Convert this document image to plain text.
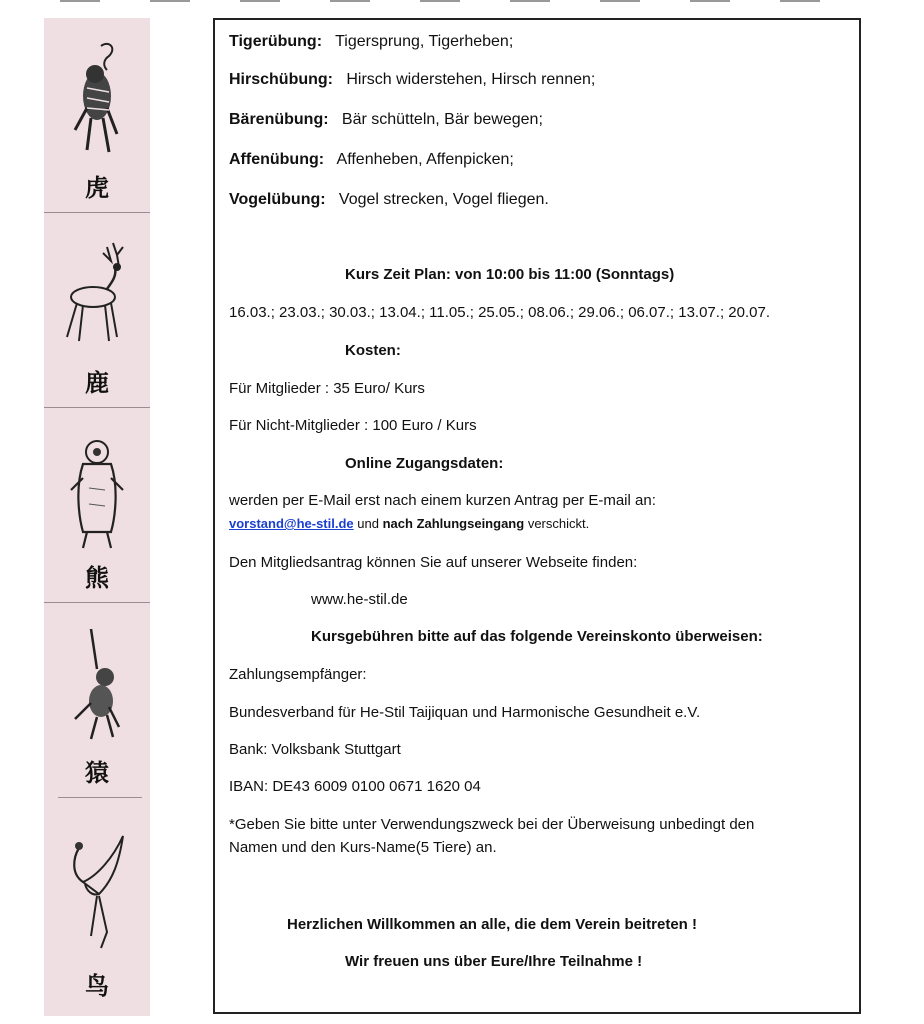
虎
鹿
熊
猿
鸟
Tigerübung: Tigersprung, Tigerheben;
Hirschübung: Hirsch widerstehen, Hirsch rennen;
Bärenübung: Bär schütteln, Bär bewegen;
Affenübung: Affenheben, Affenpicken;
Vogelübung: Vogel strecken, Vogel fliegen.
Kurs Zeit Plan: von 10:00 bis 11:00 (Sonntags)
16.03.; 23.03.; 30.03.; 13.04.; 11.05.; 25.05.; 08.06.; 29.06.; 06.07.; 13.07.; 20.07.
Kosten:
Für Mitglieder : 35 Euro/ Kurs
Für Nicht-Mitglieder : 100 Euro / Kurs
Online Zugangsdaten:
werden per E-Mail erst nach einem kurzen Antrag per E-mail an:
vorstand@he-stil.de und nach Zahlungseingang verschickt.
Den Mitgliedsantrag können Sie auf unserer Webseite finden:
www.he-stil.de
Kursgebühren bitte auf das folgende Vereinskonto überweisen:
Zahlungsempfänger:
Bundesverband für He-Stil Taijiquan und Harmonische Gesundheit e.V.
Bank: Volksbank Stuttgart
IBAN: DE43 6009 0100 0671 1620 04
*Geben Sie bitte unter Verwendungszweck bei der Überweisung unbedingt den
Namen und den Kurs-Name(5 Tiere) an.
Herzlichen Willkommen an alle, die dem Verein beitreten !
Wir freuen uns über Eure/Ihre Teilnahme !
